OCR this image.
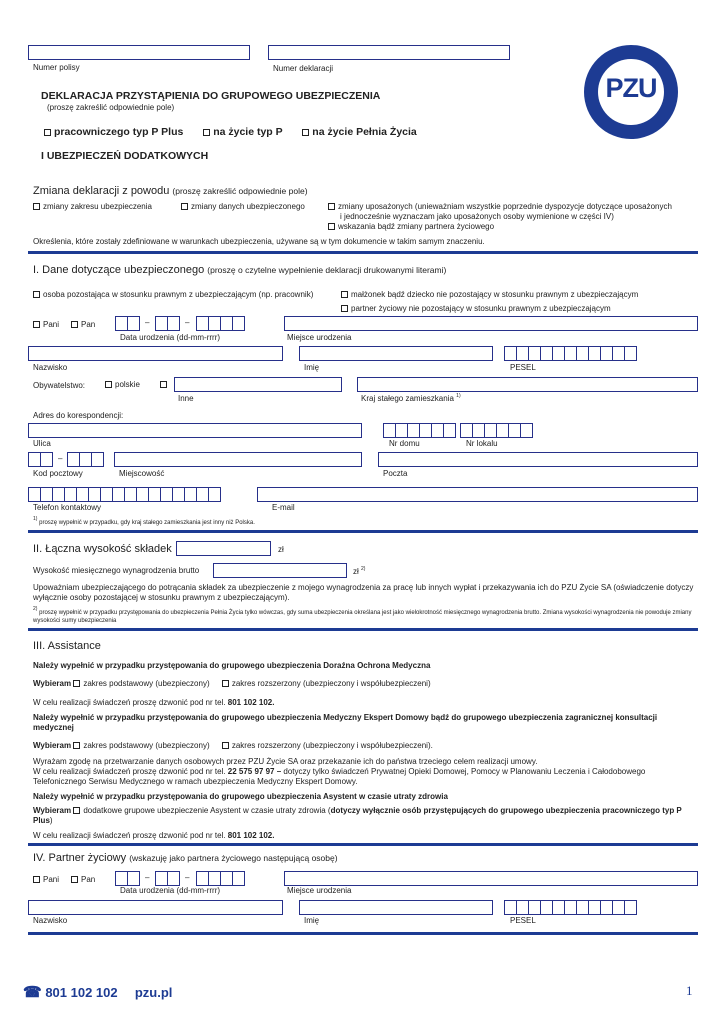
Numer polisy	Numer deklaracji
PZU
DEKLARACJA PRZYSTĄPIENIA DO GRUPOWEGO UBEZPIECZENIA
(proszę zakreślić odpowiednie pole)
pracowniczego typ P Plus	na życie typ P	na życie Pełnia Życia
I UBEZPIECZEŃ DODATKOWYCH
Zmiana deklaracji z powodu (proszę zakreślić odpowiednie pole)
zmiany zakresu ubezpieczenia	zmiany danych ubezpieczonego	zmiany uposażonych (unieważniam wszystkie poprzednie dyspozycje dotyczące uposażonych
i jednocześnie wyznaczam jako uposażonych osoby wymienione w części IV)
wskazania bądź zmiany partnera życiowego
Określenia, które zostały zdefiniowane w warunkach ubezpieczenia, używane są w tym dokumencie w takim samym znaczeniu.
I. Dane dotyczące ubezpieczonego (proszę o czytelne wypełnienie deklaracji drukowanymi literami)
osoba pozostająca w stosunku prawnym z ubezpieczającym (np. pracownik)	małżonek bądź dziecko nie pozostający w stosunku prawnym z ubezpieczającym
partner życiowy nie pozostający w stosunku prawnym z ubezpieczającym
Pani	Pan	–	–
Data urodzenia (dd-mm-rrrr)	Miejsce urodzenia
Nazwisko	Imię	PESEL
Obywatelstwo:	polskie
Inne	Kraj stałego zamieszkania $^{1)}$
Adres do korespondencji:
Ulica	Nr domu	Nr lokalu
–
Kod pocztowy	Miejscowość	Poczta
Telefon kontaktowy	E-mail
$^{1)}$ proszę wypełnić w przypadku, gdy kraj stałego zamieszkania jest inny niż Polska.
II. Łączna wysokość składek	zł
Wysokość miesięcznego wynagrodzenia brutto	zł $^{2)}$
Upoważniam ubezpieczającego do potrącania składek za ubezpieczenie z mojego wynagrodzenia za pracę lub innych wypłat i przekazywania ich do PZU Życie SA (oświadczenie dotyczy wyłącznie osoby pozostającej w stosunku prawnym z ubezpieczającym).
$^{2)}$ proszę wypełnić w przypadku przystępowania do ubezpieczenia Pełnia Życia tylko wówczas, gdy suma ubezpieczenia określana jest jako wielokrotność miesięcznego wynagrodzenia brutto. Zmiana wysokości wynagrodzenia nie powoduje zmiany wysokości sumy ubezpieczenia
III. Assistance
Należy wypełnić w przypadku przystępowania do grupowego ubezpieczenia Doraźna Ochrona Medyczna
Wybieram zakres podstawowy (ubezpieczony)	zakres rozszerzony (ubezpieczony i współubezpieczeni)
W celu realizacji świadczeń proszę dzwonić pod nr tel. 801 102 102.
Należy wypełnić w przypadku przystępowania do grupowego ubezpieczenia Medyczny Ekspert Domowy bądź do grupowego ubezpieczenia zagranicznej konsultacji medycznej
Wybieram zakres podstawowy (ubezpieczony)	zakres rozszerzony (ubezpieczony i współubezpieczeni).
Wyrażam zgodę na przetwarzanie danych osobowych przez PZU Życie SA oraz przekazanie ich do państwa trzeciego celem realizacji umowy.
W celu realizacji świadczeń proszę dzwonić pod nr tel. 22 575 97 97 – dotyczy tylko świadczeń Prywatnej Opieki Domowej, Pomocy w Planowaniu Leczenia i Całodobowego Telefonicznego Serwisu Medycznego w ramach ubezpieczenia Medyczny Ekspert Domowy.
Należy wypełnić w przypadku przystępowania do grupowego ubezpieczenia Asystent w czasie utraty zdrowia
Wybieram dodatkowe grupowe ubezpieczenie Asystent w czasie utraty zdrowia (dotyczy wyłącznie osób przystępujących do grupowego ubezpieczenia pracowniczego typ P Plus)
W celu realizacji świadczeń proszę dzwonić pod nr tel. 801 102 102.
IV. Partner życiowy (wskazuję jako partnera życiowego następującą osobę)
Pani	Pan	–	–
Data urodzenia (dd-mm-rrrr)	Miejsce urodzenia
Nazwisko	Imię	PESEL
☎ 801 102 102 pzu.pl	1
